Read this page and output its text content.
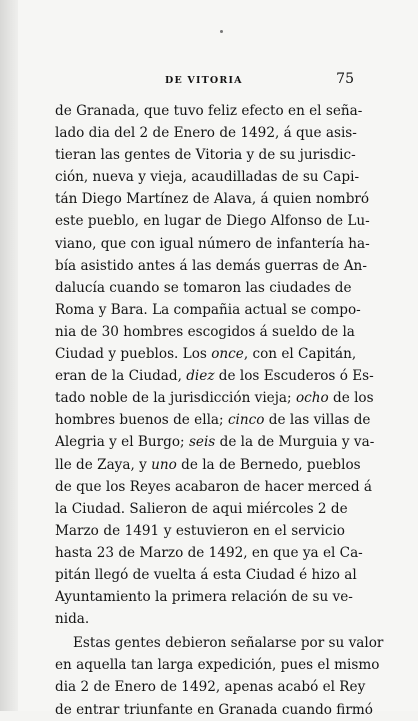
DE VITORIA	75
de Granada, que tuvo feliz efecto en el seña-
lado dia del 2 de Enero de 1492, á que asis-
tieran las gentes de Vitoria y de su jurisdic-
ción, nueva y vieja, acaudilladas de su Capi-
tán Diego Martínez de Alava, á quien nombró
este pueblo, en lugar de Diego Alfonso de Lu-
viano, que con igual número de infantería ha-
bía asistido antes á las demás guerras de An-
dalucía cuando se tomaron las ciudades de
Roma y Bara. La compañia actual se compo-
nia de 30 hombres escogidos á sueldo de la
Ciudad y pueblos. Los once, con el Capitán,
eran de la Ciudad, diez de los Escuderos ó Es-
tado noble de la jurisdicción vieja; ocho de los
hombres buenos de ella; cinco de las villas de
Alegria y el Burgo; seis de la de Murguia y va-
lle de Zaya, y uno de la de Bernedo, pueblos
de que los Reyes acabaron de hacer merced á
la Ciudad. Salieron de aqui miércoles 2 de
Marzo de 1491 y estuvieron en el servicio
hasta 23 de Marzo de 1492, en que ya el Ca-
pitán llegó de vuelta á esta Ciudad é hizo al
Ayuntamiento la primera relación de su ve-
nida.
Estas gentes debieron señalarse por su valor
en aquella tan larga expedición, pues el mismo
dia 2 de Enero de 1492, apenas acabó el Rey
de entrar triunfante en Granada cuando firmó
